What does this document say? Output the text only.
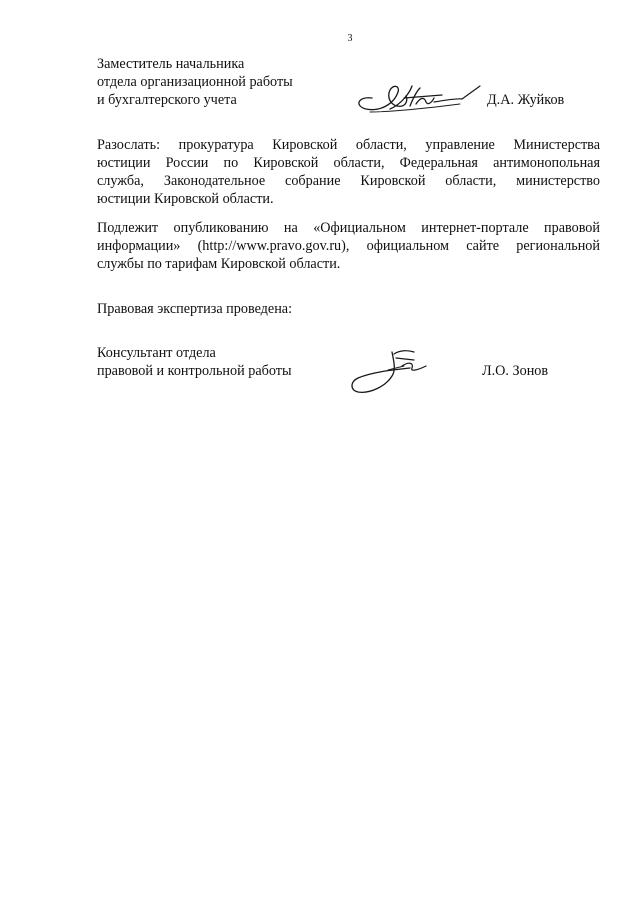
3
Заместитель начальника
отдела организационной работы
и бухгалтерского учета	Д.А. Жуйков
Разослать: прокуратура Кировской области, управление Министерства
юстиции России по Кировской области, Федеральная антимонопольная
служба, Законодательное собрание Кировской области, министерство
юстиции Кировской области.
Подлежит опубликованию на «Официальном интернет-портале правовой
информации» (http://www.pravo.gov.ru), официальном сайте региональной
службы по тарифам Кировской области.
Правовая экспертиза проведена:
Консультант отдела
правовой и контрольной работы	Л.О. Зонов
